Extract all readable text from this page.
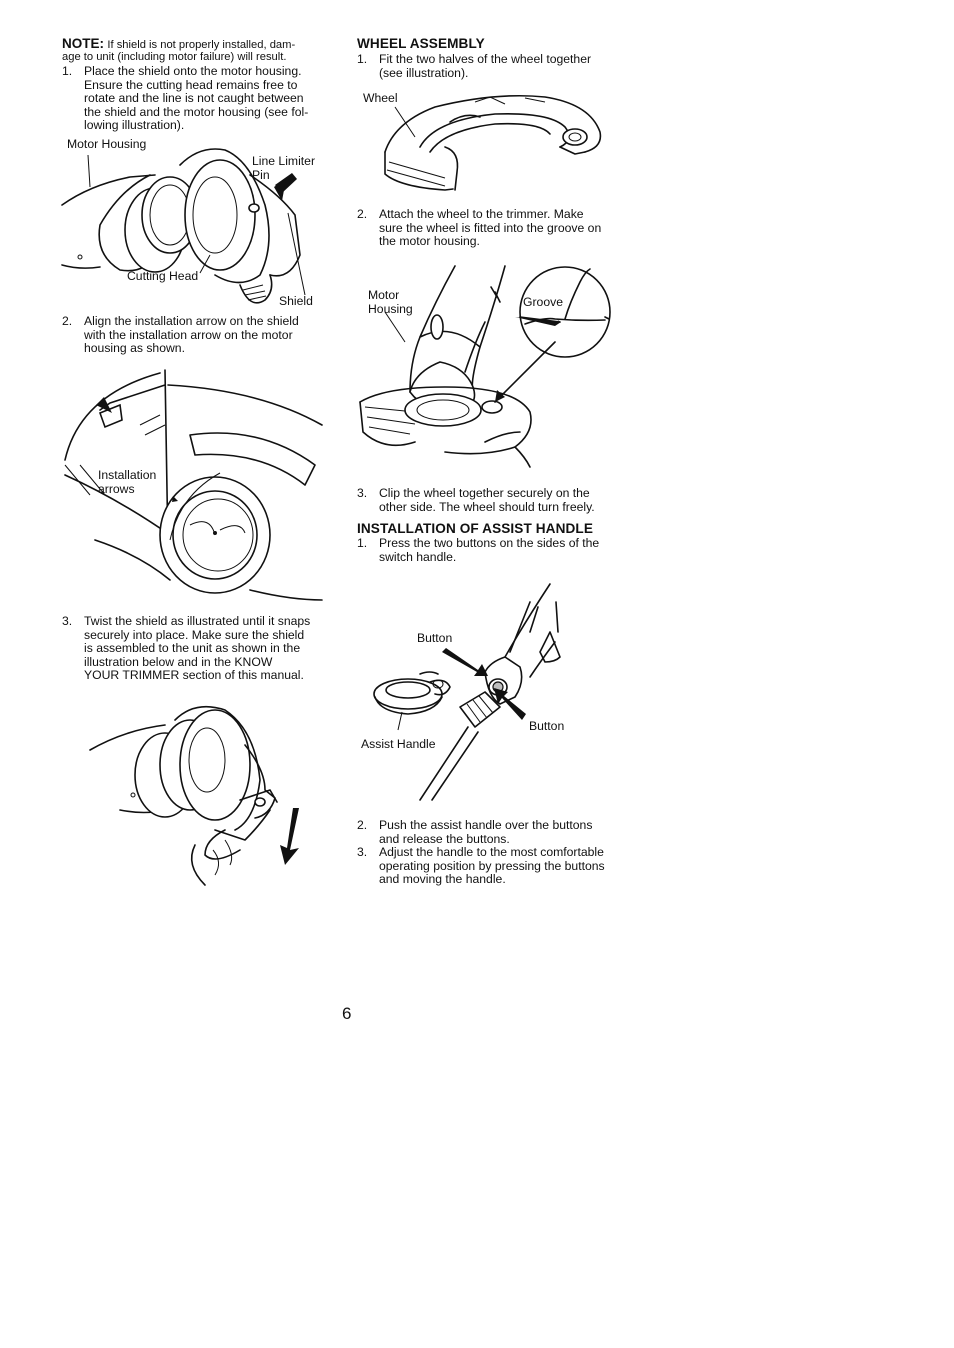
NOTE: If shield is not properly installed, dam-
age to unit (including motor failure) will result.
1. Place the shield onto the motor housing.
Ensure the cutting head remains free to
rotate and the line is not caught between
the shield and the motor housing (see fol-
lowing illustration).
Motor Housing
Line Limiter
Pin
Cutting Head
Shield
2. Align the installation arrow on the shield
with the installation arrow on the motor
housing as shown.
Installation
arrows
3. Twist the shield as illustrated until it snaps
securely into place. Make sure the shield
is assembled to the unit as shown in the
illustration below and in the KNOW
YOUR TRIMMER section of this manual.
WHEEL ASSEMBLY
1. Fit the two halves of the wheel together
(see illustration).
Wheel
2. Attach the wheel to the trimmer. Make
sure the wheel is fitted into the groove on
the motor housing.
Motor
Housing	Groove
3. Clip the wheel together securely on the
other side. The wheel should turn freely.
INSTALLATION OF ASSIST HANDLE
1. Press the two buttons on the sides of the
switch handle.
Button
Button
Assist Handle
2. Push the assist handle over the buttons
and release the buttons.
3. Adjust the handle to the most comfortable
operating position by pressing the buttons
and moving the handle.
6
